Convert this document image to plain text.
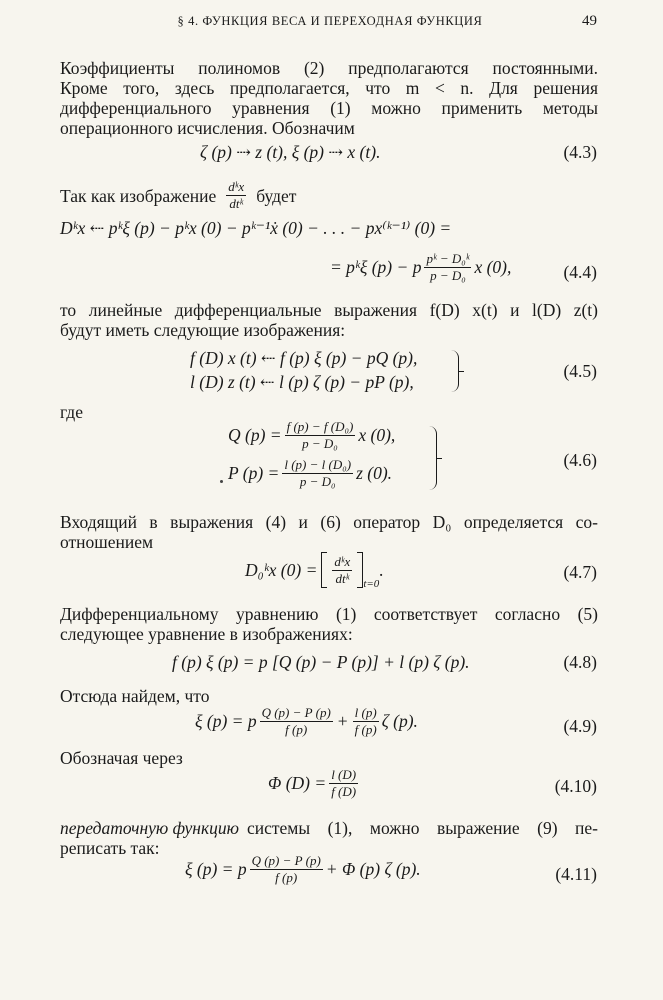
§ 4. ФУНКЦИЯ ВЕСА И ПЕРЕХОДНАЯ ФУНКЦИЯ	49
Коэффициенты полиномов (2) предполагаются постоянными.
Кроме того, здесь предполагается, что m < n. Для решения
дифференциального уравнения (1) можно применить методы
операционного исчисления. Обозначим
ζ (p) ⇢ z (t), ξ (p) ⇢ x (t).	(4.3)
Так как изображение $\frac{\text{dᵏx}}{\text{dtᵏ}}$ будет
Dᵏx ⇠ pᵏξ (p) − pᵏx (0) − pᵏ⁻¹ẋ (0) − . . . − px⁽ᵏ⁻¹⁾ (0) =
= pᵏξ (p) − p $\frac{\text{pᵏ − D₀ᵏ}}{\text{p − D₀}}$ x (0),	(4.4)
то линейные дифференциальные выражения f(D) x(t) и l(D) z(t)
будут иметь следующие изображения:
f (D) x (t) ⇠ f (p) ξ (p) − pQ (p),
l (D) z (t) ⇠ l (p) ζ (p) − pP (p),
(4.5)
где
Q $(p) = \frac{\text{f (p) − f (D₀)}}{\text{p − D₀}}$ x (0),
P $(p) = \frac{\text{l (p) − l (D₀)}}{\text{p − D₀}}$ z (0).
(4.6)
Входящий в выражения (4) и (6) оператор D₀ определяется со-
отношением
D₀ᵏx $(0) = \frac{\text{dᵏx}}{\text{dtᵏ}} t=0$
.	(4.7)
Дифференциальному уравнению (1) соответствует согласно (5)
следующее уравнение в изображениях:
f (p) ξ (p) = p [Q (p) − P (p)] + l (p) ζ (p).	(4.8)
Отсюда найдем, что
ξ (p) = p $\frac{Q (p) - P (p)}{f (p)} + \frac{l (p)}{f (p)}$ ζ (p).	(4.9)
Обозначая через
Φ $(D) = \frac{l (D)}{f (D)}$	(4.10)
передаточную функцию системы (1), можно выражение (9) пе-
реписать так:
ξ (p) = p $\frac{Q (p) - P (p)}{f (p)} + \Phi$ (p) ζ (p).	(4.11)
